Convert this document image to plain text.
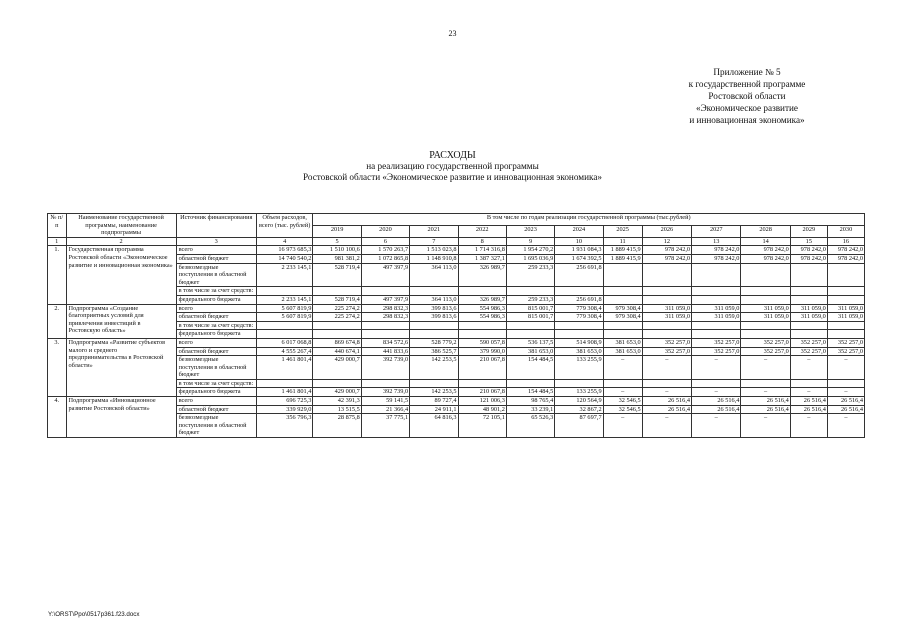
23
Приложение № 5
к государственной программе
Ростовской области
«Экономическое развитие
и инновационная экономика»
РАСХОДЫ
на реализацию государственной программы
Ростовской области «Экономическое развитие и инновационная экономика»
№ п/п	Наименование государственной программы, наименование подпрограммы	Источник финансирования	Объем расходов, всего (тыс. рублей)	В том числе по годам реализации государственной программы (тыс.рублей)											
				2019	2020	2021	2022	2023	2024	2025	2026	2027	2028	2029	2030
1	2	3	4	5	6	7	8	9	10	11	12	13	14	15	16
1.	Государственная программа Ростовской области «Экономическое развитие и инновационная экономика»	всего	16 973 685,3	1 510 100,6	1 570 263,7	1 513 023,8	1 714 316,8	1 954 270,2	1 931 084,3	1 889 415,9	978 242,0	978 242,0	978 242,0	978 242,0	978 242,0
		областной бюджет	14 740 540,2	981 381,2	1 072 865,8	1 148 910,8	1 387 327,1	1 695 036,9	1 674 392,5	1 889 415,9	978 242,0	978 242,0	978 242,0	978 242,0	978 242,0
		безвозмездные поступления в областной бюджет	2 233 145,1	528 719,4	497 397,9	364 113,0	326 989,7	259 233,3	256 691,8						
		в том числе за счет средств:													
		федерального бюджета	2 233 145,1	528 719,4	497 397,9	364 113,0	326 989,7	259 233,3	256 691,8						
2.	Подпрограмма «Создание благоприятных условий для привлечения инвестиций в Ростовскую область»	всего	5 607 819,9	225 274,2	298 832,3	399 813,6	554 986,3	815 001,7	779 308,4	979 308,4	311 059,0	311 059,0	311 059,0	311 059,0	311 059,0
		областной бюджет	5 607 819,9	225 274,2	298 832,3	399 813,6	554 986,3	815 001,7	779 308,4	979 308,4	311 059,0	311 059,0	311 059,0	311 059,0	311 059,0
		в том числе за счет средств:													
		федерального бюджета													
3.	Подпрограмма «Развитие субъектов малого и среднего предпринимательства в Ростовской области»	всего	6 017 068,8	869 674,8	834 572,6	528 779,2	590 057,8	536 137,5	514 908,9	381 653,0	352 257,0	352 257,0	352 257,0	352 257,0	352 257,0
		областной бюджет	4 555 267,4	440 674,1	441 833,6	386 525,7	379 990,0	381 653,0	381 653,0	381 653,0	352 257,0	352 257,0	352 257,0	352 257,0	352 257,0
		безвозмездные поступления в областной бюджет	1 461 801,4	429 000,7	392 739,0	142 253,5	210 067,8	154 484,5	133 255,9	–	–	–	–	–	–
		в том числе за счет средств:													
		федерального бюджета	1 461 801,4	429 000,7	392 739,0	142 253,5	210 067,8	154 484,5	133 255,9	–	–	–	–	–	–
4.	Подпрограмма «Инновационное развитие Ростовской области»	всего	696 725,3	42 391,3	59 141,5	89 727,4	121 006,3	98 765,4	120 564,9	32 546,5	26 516,4	26 516,4	26 516,4	26 516,4	26 516,4
		областной бюджет	339 929,0	13 515,5	21 366,4	24 911,1	48 901,2	33 239,1	32 867,2	32 546,5	26 516,4	26 516,4	26 516,4	26 516,4	26 516,4
		безвозмездные поступления в областной бюджет	356 796,3	28 875,8	37 775,1	64 816,3	72 105,1	65 526,3	87 697,7	–	–	–	–	–	–
Y:\ORST\Ppo\0517p361.f23.docx
